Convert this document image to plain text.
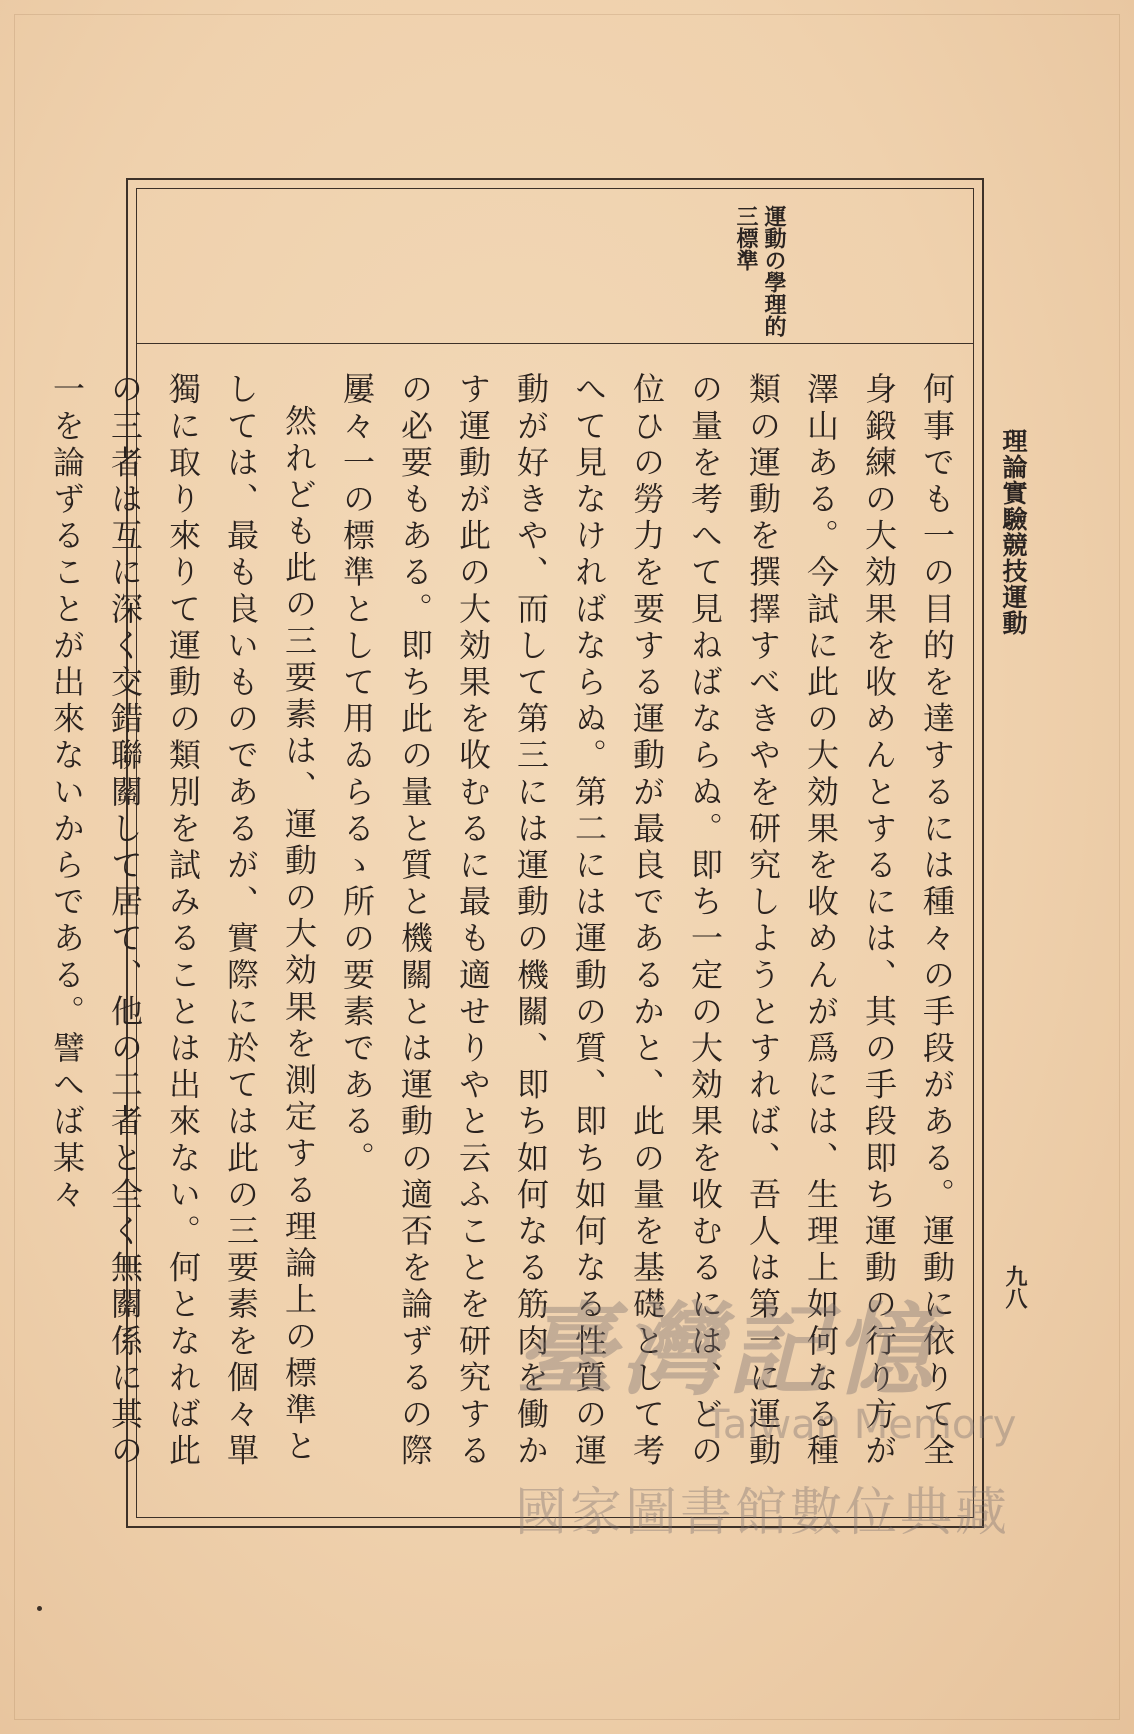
理論實驗競技運動
九八
運動の學理的
三標準

何事でも一の目的を達するには種々の手段がある。運動に依りて全身鍛練の大効果を收めんとするには、其の手段即ち運動の行り方が澤山ある。今試に此の大効果を收めんが爲には、生理上如何なる種類の運動を撰擇すべきやを研究しようとすれば、吾人は第一に運動の量を考へて見ねばならぬ。即ち一定の大効果を收むるには、どの位ひの勞力を要する運動が最良であるかと、此の量を基礎として考へて見なければならぬ。第二には運動の質、即ち如何なる性質の運動が好きや、而して第三には運動の機關、即ち如何なる筋肉を働かす運動が此の大効果を收むるに最も適せりやと云ふことを研究するの必要もある。即ち此の量と質と機關とは運動の適否を論ずるの際屢々一の標準として用ゐらるゝ所の要素である。

然れども此の三要素は、運動の大効果を測定する理論上の標準としては、最も良いものであるが、實際に於ては此の三要素を個々單獨に取り來りて運動の類別を試みることは出來ない。何となれば此の三者は互に深く交錯聯關して居て、他の二者と全く無關係に其の一を論ずることが出來ないからである。譬へば某々

臺灣記憶
Taiwan Memory
國家圖書館數位典藏
